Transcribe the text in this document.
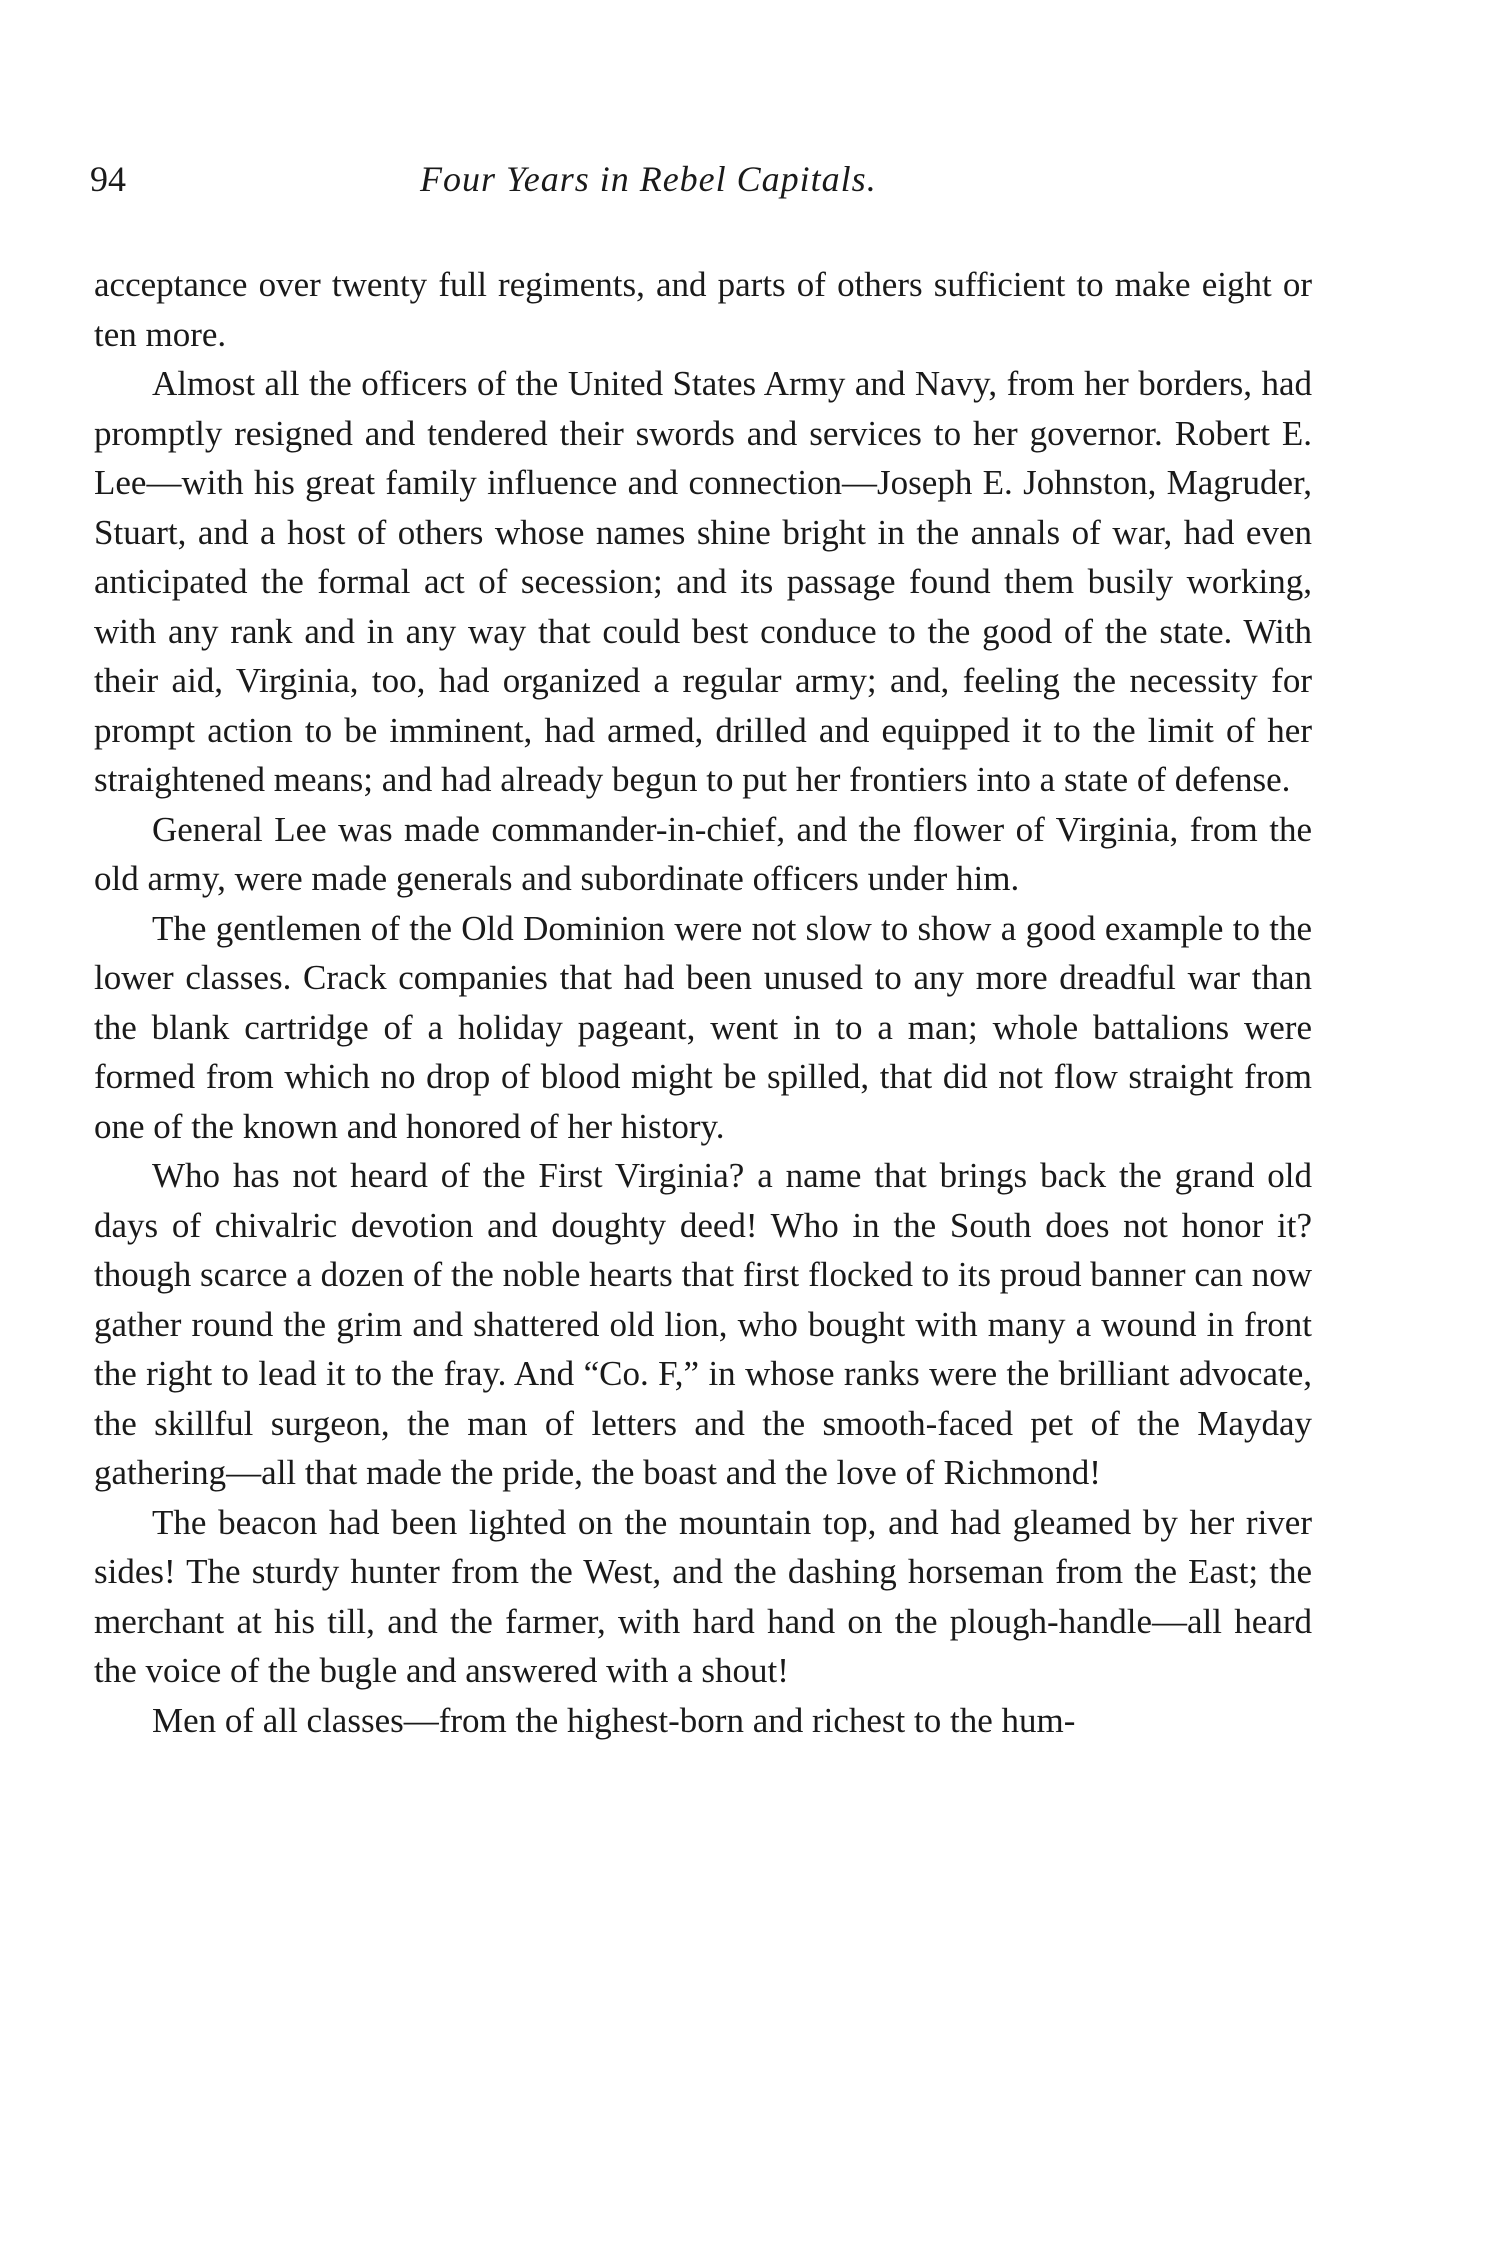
94	Four Years in Rebel Capitals.

acceptance over twenty full regiments, and parts of others sufficient to make eight or ten more.

Almost all the officers of the United States Army and Navy, from her borders, had promptly resigned and tendered their swords and services to her governor. Robert E. Lee—with his great family influence and connection—Joseph E. Johnston, Magruder, Stuart, and a host of others whose names shine bright in the annals of war, had even anticipated the formal act of secession; and its passage found them busily working, with any rank and in any way that could best conduce to the good of the state. With their aid, Virginia, too, had organized a regular army; and, feeling the necessity for prompt action to be imminent, had armed, drilled and equipped it to the limit of her straightened means; and had already begun to put her frontiers into a state of defense.

General Lee was made commander-in-chief, and the flower of Virginia, from the old army, were made generals and subordinate officers under him.

The gentlemen of the Old Dominion were not slow to show a good example to the lower classes. Crack companies that had been unused to any more dreadful war than the blank cartridge of a holiday pageant, went in to a man; whole battalions were formed from which no drop of blood might be spilled, that did not flow straight from one of the known and honored of her history.

Who has not heard of the First Virginia? a name that brings back the grand old days of chivalric devotion and doughty deed! Who in the South does not honor it? though scarce a dozen of the noble hearts that first flocked to its proud banner can now gather round the grim and shattered old lion, who bought with many a wound in front the right to lead it to the fray. And “Co. F,” in whose ranks were the brilliant advocate, the skillful surgeon, the man of letters and the smooth-faced pet of the Mayday gathering—all that made the pride, the boast and the love of Richmond!

The beacon had been lighted on the mountain top, and had gleamed by her river sides! The sturdy hunter from the West, and the dashing horseman from the East; the merchant at his till, and the farmer, with hard hand on the plough-handle—all heard the voice of the bugle and answered with a shout!

Men of all classes—from the highest-born and richest to the hum-
